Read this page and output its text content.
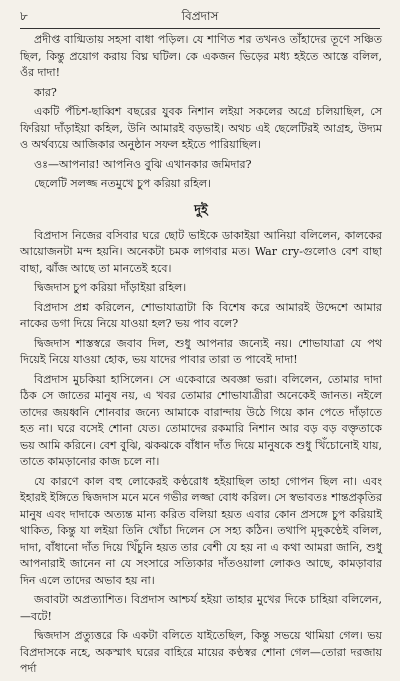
৮	বিপ্রদাস

প্রদীপ্ত বাগ্মিতায় সহসা বাধা পড়িল। যে শাণিত শর তখনও তাঁহাদের তূণে সঞ্চিত ছিল, কিন্তু প্রয়োগ করায় বিঘ্ন ঘটিল। কে একজন ভিড়ের মধ্য হইতে আস্তে বলিল, ওঁর দাদা!

কার?

একটি পঁচিশ-ছাব্বিশ বছরের যুবক নিশান লইয়া সকলের অগ্রে চলিয়াছিল, সে ফিরিয়া দাঁড়াইয়া কহিল, উনি আমারই বড়ভাই। অথচ এই ছেলেটিরই আগ্রহ, উদ্যম ও অর্থব্যয়ে আজিকার অনুষ্ঠান সফল হইতে পারিয়াছিল।

ওঃ—আপনার! আপনিও বুঝি এখানকার জমিদার?

ছেলেটি সলজ্জ নতমুখে চুপ করিয়া রহিল।

দুই

বিপ্রদাস নিজের বসিবার ঘরে ছোট ভাইকে ডাকাইয়া আনিয়া বলিলেন, কালকের আয়োজনটা মন্দ হয়নি। অনেকটা চমক লাগবার মত। War cry-গুলোও বেশ বাছা বাছা, ঝাঁজ আছে তা মানতেই হবে।

দ্বিজদাস চুপ করিয়া দাঁড়াইয়া রহিল।

বিপ্রদাস প্রশ্ন করিলেন, শোভাযাত্রাটা কি বিশেষ করে আমারই উদ্দেশে আমার নাকের ডগা দিয়ে নিয়ে যাওয়া হল? ভয় পাব বলে?

দ্বিজদাস শাস্তস্বরে জবাব দিল, শুধু আপনার জন্যেই নয়। শোভাযাত্রা যে পথ দিয়েই নিয়ে যাওয়া হোক, ভয় যাদের পাবার তারা ত পাবেই দাদা!

বিপ্রদাস মুচকিয়া হাসিলেন। সে একেবারে অবজ্ঞা ভরা। বলিলেন, তোমার দাদা ঠিক সে জাতের মানুষ নয়, এ খবর তোমার শোভাযাত্রীরা অনেকেই জানত। নইলে তাদের জয়ধ্বনি শোনবার জন্যে আমাকে বারান্দায় উঠে গিয়ে কান পেতে দাঁড়াতে হত না। ঘরে বসেই শোনা যেত। তোমাদের রকমারি নিশান আর বড় বড় বক্তৃতাকে ভয় আমি করিনে। বেশ বুঝি, ঝকঝকে বাঁধান দাঁত দিয়ে মানুষকে শুধু খিঁচোনোই যায়, তাতে কামড়ানোর কাজ চলে না।

যে কারণে কাল বহু লোকেরই কণ্ঠরোধ হইয়াছিল তাহা গোপন ছিল না। এবং ইহারই ইঙ্গিতে দ্বিজদাস মনে মনে গভীর লজ্জা বোধ করিল। সে স্বভাবতঃ শান্তপ্রকৃতির মানুষ এবং দাদাকে অত্যন্ত মান্য করিত বলিয়া হয়ত এবার কোন প্রসঙ্গে চুপ করিয়াই থাকিত, কিন্তু যা লইয়া তিনি খোঁচা দিলেন সে সহ্য কঠিন। তথাপি মৃদুকণ্ঠেই বলিল, দাদা, বাঁধানো দাঁত দিয়ে খিঁচুনি হয়ত তার বেশী যে হয় না এ কথা আমরা জানি, শুধু আপনারাই জানেন না যে সংসারে সত্যিকার দাঁতওয়ালা লোকও আছে, কামড়াবার দিন এলে তাদের অভাব হয় না।

জবাবটা অপ্রত্যাশিত। বিপ্রদাস আশ্চর্য হইয়া তাহার মুখের দিকে চাহিয়া বলিলেন,—বটে!

দ্বিজদাস প্রত্যুত্তরে কি একটা বলিতে যাইতেছিল, কিন্তু সভয়ে থামিয়া গেল। ভয় বিপ্রদাসকে নহে, অকস্মাৎ ঘরের বাহিরে মায়ের কণ্ঠস্বর শোনা গেল—তোরা দরজায় পর্দা
